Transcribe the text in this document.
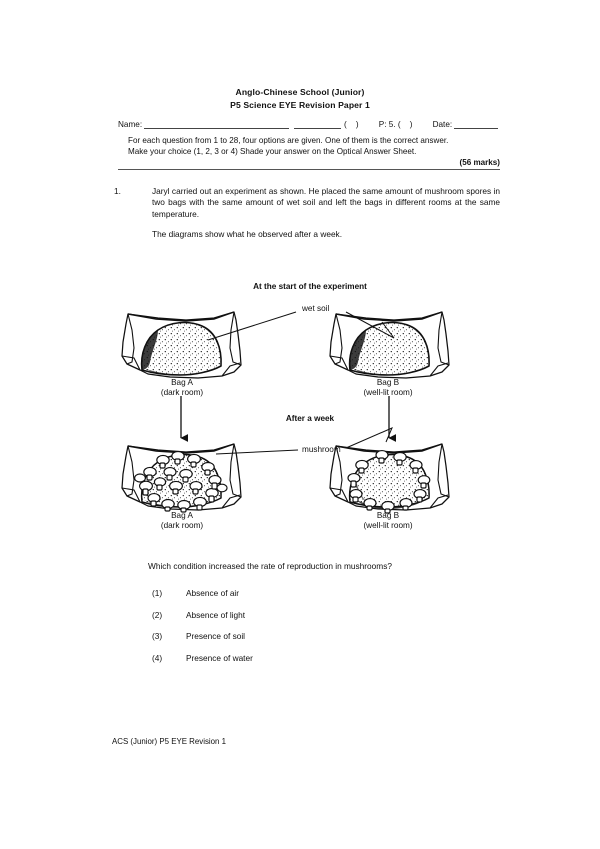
Anglo-Chinese School (Junior)
P5 Science EYE Revision Paper 1
Name:	( ) P: 5. ( ) Date:
For each question from 1 to 28, four options are given. One of them is the correct answer.
Make your choice (1, 2, 3 or 4) Shade your answer on the Optical Answer Sheet.
(56 marks)
1.	Jaryl carried out an experiment as shown. He placed the same amount of mushroom spores in two bags with the same amount of wet soil and left the bags in different rooms at the same temperature.
The diagrams show what he observed after a week.
At the start of the experiment
After a week
wet soil
mushroom
Bag A
(dark room)
Bag B
(well-lit room)
Bag A
(dark room)
Bag B
(well-lit room)
Which condition increased the rate of reproduction in mushrooms?
(1)	Absence of air
(2)	Absence of light
(3)	Presence of soil
(4)	Presence of water
ACS (Junior) P5 EYE Revision 1
